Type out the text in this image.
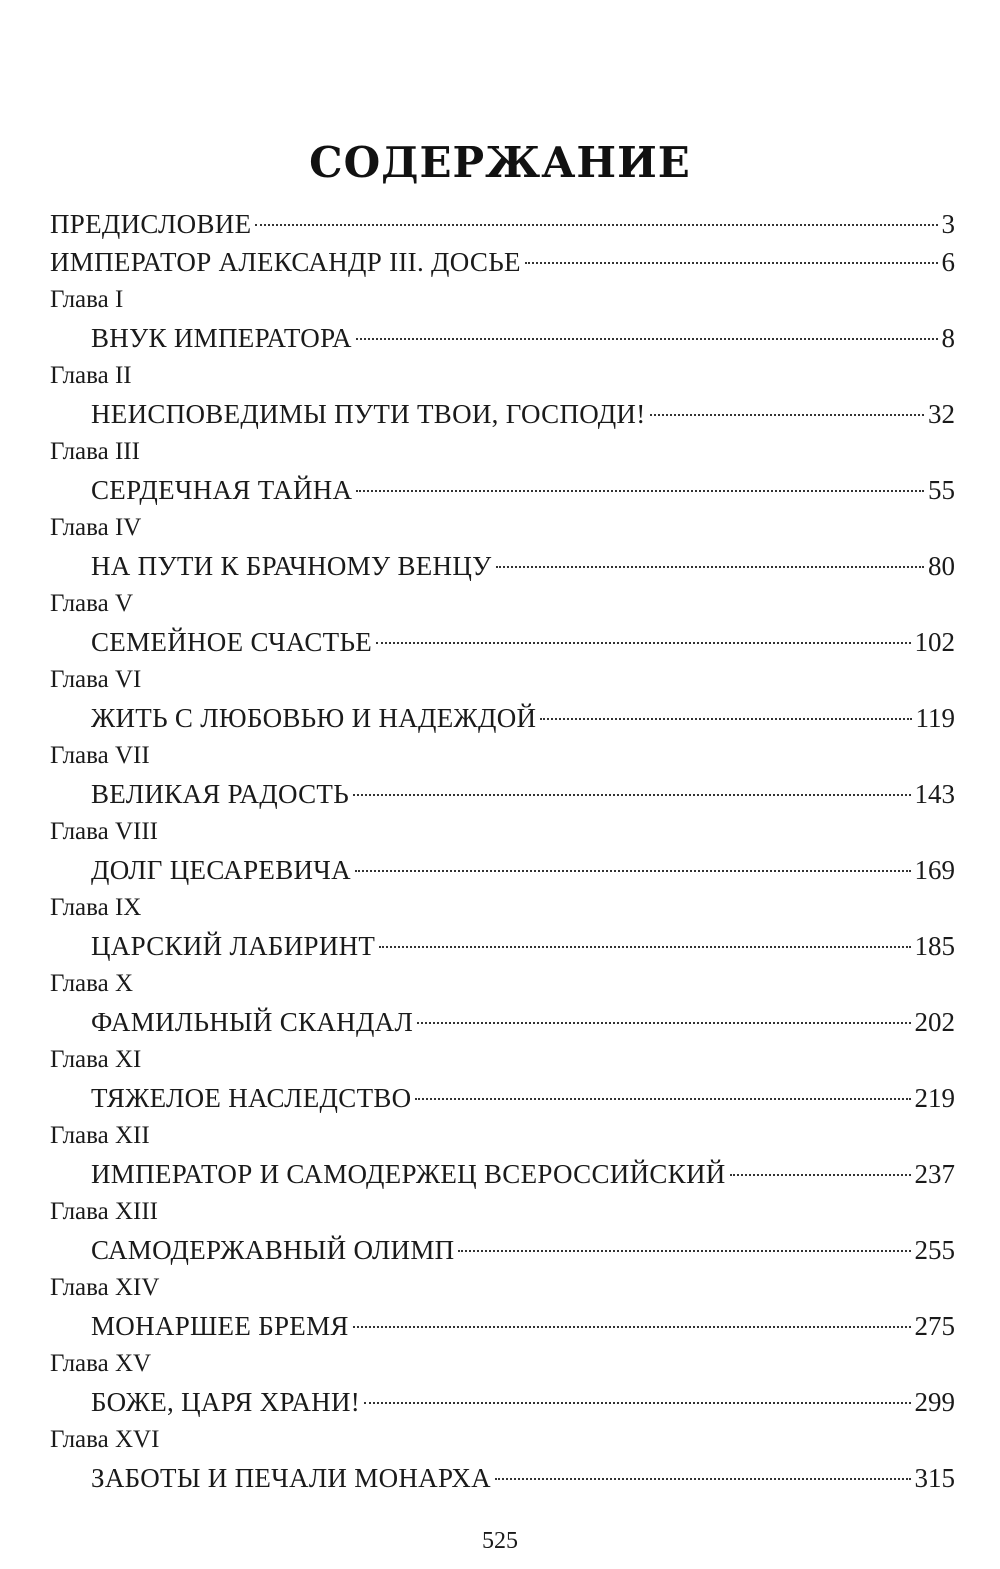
СОДЕРЖАНИЕ
ПРЕДИСЛОВИЕ	3
ИМПЕРАТОР АЛЕКСАНДР III. ДОСЬЕ	6
Глава I
ВНУК ИМПЕРАТОРА	8
Глава II
НЕИСПОВЕДИМЫ ПУТИ ТВОИ, ГОСПОДИ!	32
Глава III
СЕРДЕЧНАЯ ТАЙНА	55
Глава IV
НА ПУТИ К БРАЧНОМУ ВЕНЦУ	80
Глава V
СЕМЕЙНОЕ СЧАСТЬЕ	102
Глава VI
ЖИТЬ С ЛЮБОВЬЮ И НАДЕЖДОЙ	119
Глава VII
ВЕЛИКАЯ РАДОСТЬ	143
Глава VIII
ДОЛГ ЦЕСАРЕВИЧА	169
Глава IX
ЦАРСКИЙ ЛАБИРИНТ	185
Глава X
ФАМИЛЬНЫЙ СКАНДАЛ	202
Глава XI
ТЯЖЕЛОЕ НАСЛЕДСТВО	219
Глава XII
ИМПЕРАТОР И САМОДЕРЖЕЦ ВСЕРОССИЙСКИЙ	237
Глава XIII
САМОДЕРЖАВНЫЙ ОЛИМП	255
Глава XIV
МОНАРШЕЕ БРЕМЯ	275
Глава XV
БОЖЕ, ЦАРЯ ХРАНИ!	299
Глава XVI
ЗАБОТЫ И ПЕЧАЛИ МОНАРХА	315
525
